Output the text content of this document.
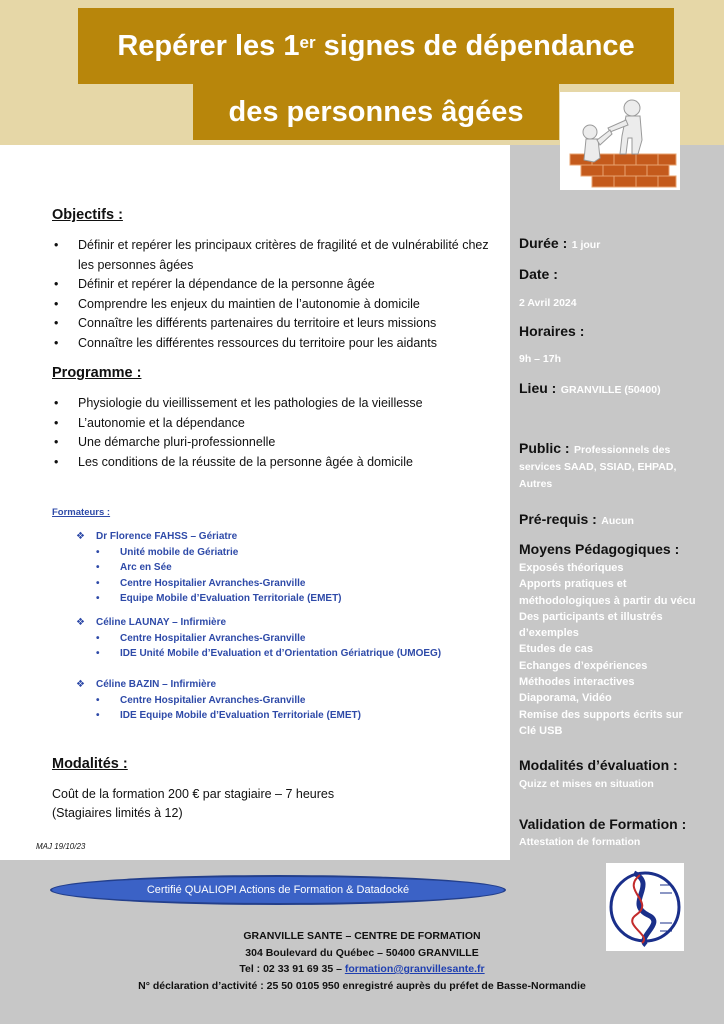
Repérer les 1er signes de dépendance
des personnes âgées
Objectifs :
• Définir et repérer les principaux critères de fragilité et de vulnérabilité chez les personnes âgées
• Définir et repérer la dépendance de la personne âgée
• Comprendre les enjeux du maintien de l’autonomie à domicile
• Connaître les différents partenaires du territoire et leurs missions
• Connaître les différentes ressources du territoire pour les aidants
Programme :
• Physiologie du vieillissement et les pathologies de la vieillesse
• L’autonomie et la dépendance
• Une démarche pluri-professionnelle
• Les conditions de la réussite de la personne âgée à domicile
Formateurs :
❖ Dr Florence FAHSS – Gériatre
• Unité mobile de Gériatrie
• Arc en Sée
• Centre Hospitalier Avranches-Granville
• Equipe Mobile d’Evaluation Territoriale (EMET)
❖ Céline LAUNAY – Infirmière
• Centre Hospitalier Avranches-Granville
• IDE Unité Mobile d’Evaluation et d’Orientation Gériatrique (UMOEG)
❖ Céline BAZIN – Infirmière
• Centre Hospitalier Avranches-Granville
• IDE Equipe Mobile d’Evaluation Territoriale (EMET)
Modalités :
Coût de la formation 200 € par stagiaire – 7 heures
(Stagiaires limités à 12)
MAJ 19/10/23
Durée : 1 jour
Date :
2 Avril 2024
Horaires :
9h – 17h
Lieu : GRANVILLE (50400)
Public : Professionnels des
services SAAD, SSIAD, EHPAD,
Autres
Pré-requis : Aucun
Moyens Pédagogiques :
Exposés théoriques
Apports pratiques et
méthodologiques à partir du vécu
Des participants et illustrés
d’exemples
Etudes de cas
Echanges d’expériences
Méthodes interactives
Diaporama, Vidéo
Remise des supports écrits sur
Clé USB
Modalités d’évaluation :
Quizz et mises en situation
Validation de Formation :
Attestation de formation
Certifié QUALIOPI Actions de Formation & Datadocké
GRANVILLE SANTE – CENTRE DE FORMATION
304 Boulevard du Québec – 50400 GRANVILLE
Tel : 02 33 91 69 35 – formation@granvillesante.fr
N° déclaration d’activité : 25 50 0105 950 enregistré auprès du préfet de Basse-Normandie
